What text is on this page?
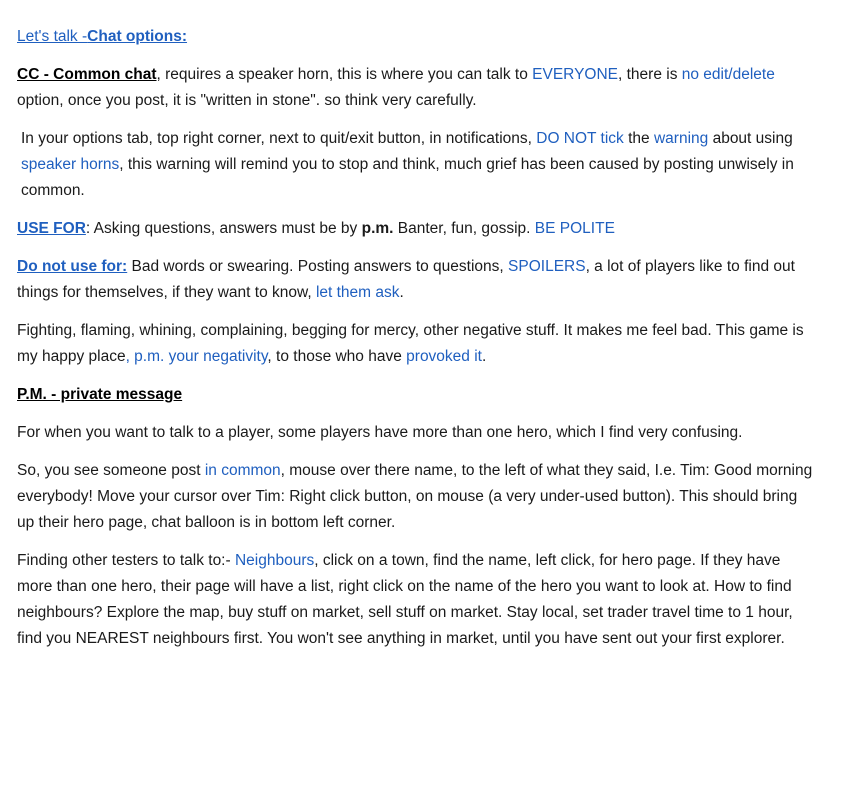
Let's talk -Chat options:

CC - Common chat, requires a speaker horn, this is where you can talk to EVERYONE, there is no edit/delete option, once you post, it is "written in stone". so think very carefully.

In your options tab, top right corner, next to quit/exit button, in notifications, DO NOT tick the warning about using speaker horns, this warning will remind you to stop and think, much grief has been caused by posting unwisely in common.

USE FOR: Asking questions, answers must be by p.m. Banter, fun, gossip. BE POLITE

Do not use for: Bad words or swearing. Posting answers to questions, SPOILERS, a lot of players like to find out things for themselves, if they want to know, let them ask.

Fighting, flaming, whining, complaining, begging for mercy, other negative stuff. It makes me feel bad. This game is my happy place, p.m. your negativity, to those who have provoked it.

P.M. - private message

For when you want to talk to a player, some players have more than one hero, which I find very confusing.

So, you see someone post in common, mouse over there name, to the left of what they said, I.e. Tim: Good morning everybody! Move your cursor over Tim: Right click button, on mouse (a very under-used button). This should bring up their hero page, chat balloon is in bottom left corner.

Finding other testers to talk to:- Neighbours, click on a town, find the name, left click, for hero page. If they have more than one hero, their page will have a list, right click on the name of the hero you want to look at. How to find neighbours? Explore the map, buy stuff on market, sell stuff on market. Stay local, set trader travel time to 1 hour, find you NEAREST neighbours first. You won't see anything in market, until you have sent out your first explorer.
